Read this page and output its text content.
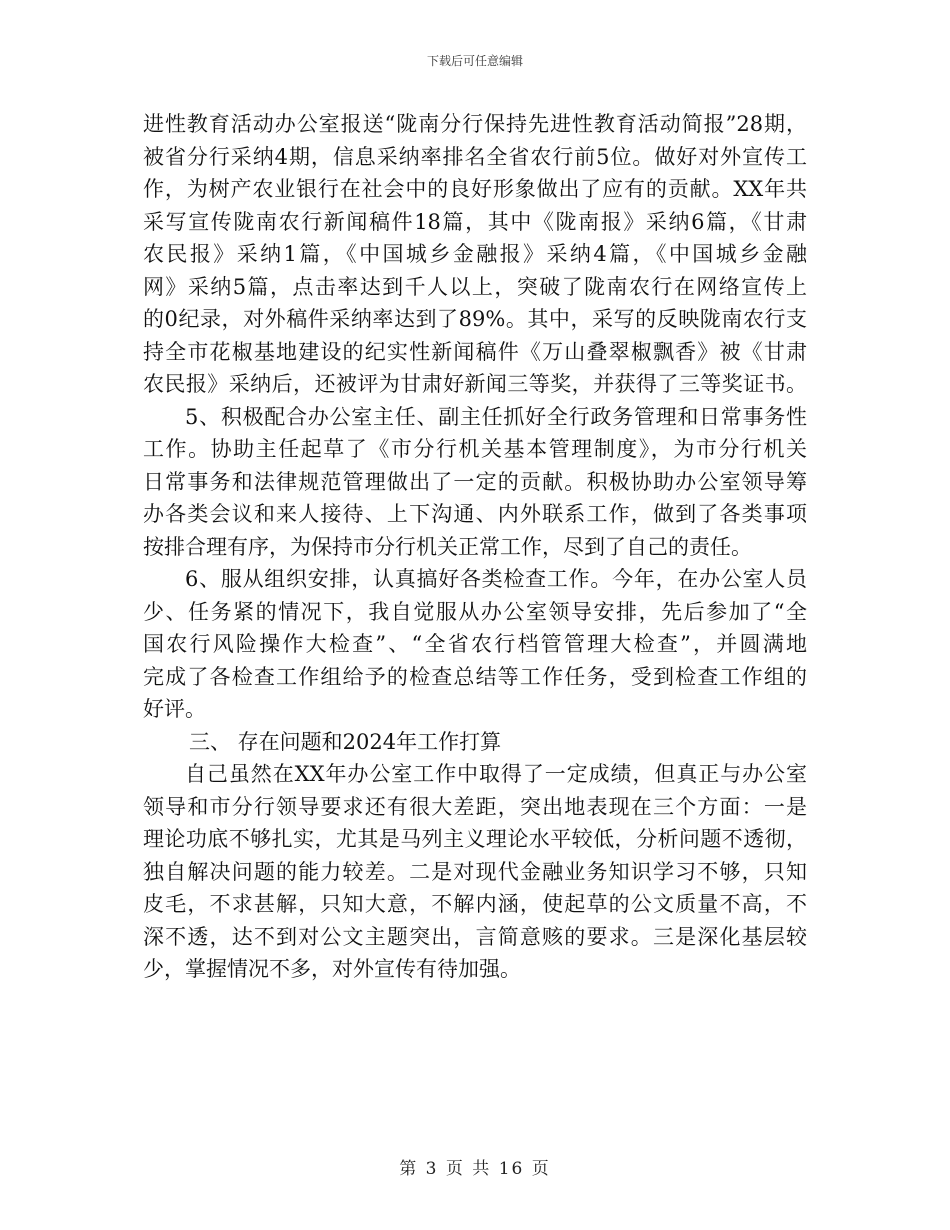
下载后可任意编辑
进性教育活动办公室报送“陇南分行保持先进性教育活动简报”28期，
被省分行采纳4期，信息采纳率排名全省农行前5位。做好对外宣传工
作，为树产农业银行在社会中的良好形象做出了应有的贡献。XX年共
采写宣传陇南农行新闻稿件18篇，其中《陇南报》采纳6篇，《甘肃
农民报》采纳1篇，《中国城乡金融报》采纳4篇，《中国城乡金融
网》采纳5篇，点击率达到千人以上，突破了陇南农行在网络宣传上
的0纪录，对外稿件采纳率达到了89%。其中，采写的反映陇南农行支
持全市花椒基地建设的纪实性新闻稿件《万山叠翠椒飘香》被《甘肃
农民报》采纳后，还被评为甘肃好新闻三等奖，并获得了三等奖证书。
5、积极配合办公室主任、副主任抓好全行政务管理和日常事务性
工作。协助主任起草了《市分行机关基本管理制度》，为市分行机关
日常事务和法律规范管理做出了一定的贡献。积极协助办公室领导筹
办各类会议和来人接待、上下沟通、内外联系工作，做到了各类事项
按排合理有序，为保持市分行机关正常工作，尽到了自己的责任。
6、服从组织安排，认真搞好各类检查工作。今年，在办公室人员
少、任务紧的情况下，我自觉服从办公室领导安排，先后参加了“全
国农行风险操作大检查”、“全省农行档管管理大检查”，并圆满地
完成了各检查工作组给予的检查总结等工作任务，受到检查工作组的
好评。
三、 存在问题和2024年工作打算
自己虽然在XX年办公室工作中取得了一定成绩，但真正与办公室
领导和市分行领导要求还有很大差距，突出地表现在三个方面：一是
理论功底不够扎实，尤其是马列主义理论水平较低，分析问题不透彻，
独自解决问题的能力较差。二是对现代金融业务知识学习不够，只知
皮毛，不求甚解，只知大意，不解内涵，使起草的公文质量不高，不
深不透，达不到对公文主题突出，言简意赅的要求。三是深化基层较
少，掌握情况不多，对外宣传有待加强。
第 3 页 共 16 页
